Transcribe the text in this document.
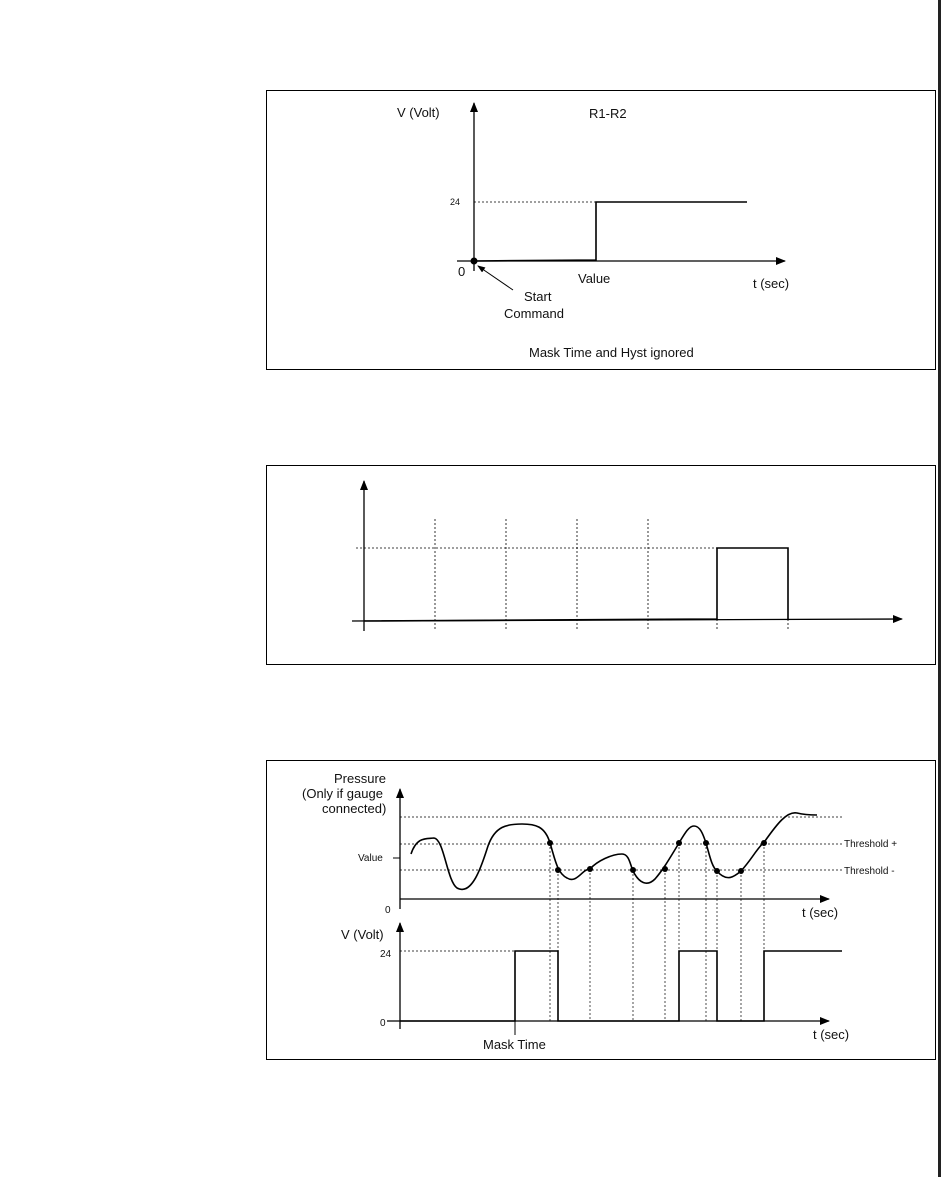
V (Volt)	R1-R2
24
0	Value	t (sec)
Start
Command
Mask Time and Hyst ignored
Pressure
(Only if gauge
connected)
Value
Threshold +
Threshold -
0	t (sec)
V (Volt)
24
0
t (sec)
Mask Time
